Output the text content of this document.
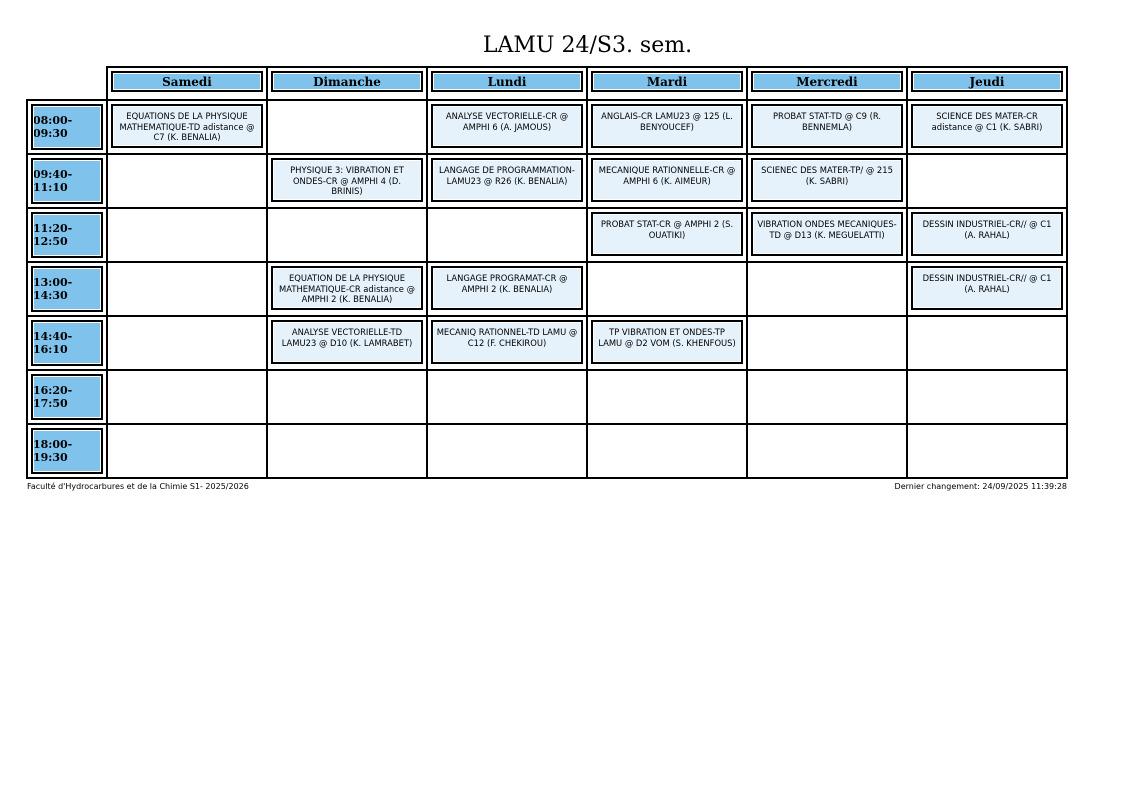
LAMU 24/S3. sem.

Samedi	Dimanche	Lundi	Mardi	Mercredi	Jeudi

08:00-09:30	EQUATIONS DE LA PHYSIQUE MATHEMATIQUE-TD adistance @ C7 (K. BENALIA)		ANALYSE VECTORIELLE-CR @ AMPHI 6 (A. JAMOUS)	ANGLAIS-CR LAMU23 @ 125 (L. BENYOUCEF)	PROBAT STAT-TD @ C9 (R. BENNEMLA)	SCIENCE DES MATER-CR adistance @ C1 (K. SABRI)

09:40-11:10		PHYSIQUE 3: VIBRATION ET ONDES-CR @ AMPHI 4 (D. BRINIS)	LANGAGE DE PROGRAMMATION-LAMU23 @ R26 (K. BENALIA)	MECANIQUE RATIONNELLE-CR @ AMPHI 6 (K. AIMEUR)	SCIENEC DES MATER-TP/ @ 215 (K. SABRI)	

11:20-12:50				PROBAT STAT-CR @ AMPHI 2 (S. OUATIKI)	VIBRATION ONDES MECANIQUES-TD @ D13 (K. MEGUELATTI)	DESSIN INDUSTRIEL-CR// @ C1 (A. RAHAL)

13:00-14:30		EQUATION DE LA PHYSIQUE MATHEMATIQUE-CR adistance @ AMPHI 2 (K. BENALIA)	LANGAGE PROGRAMAT-CR @ AMPHI 2 (K. BENALIA)			DESSIN INDUSTRIEL-CR// @ C1 (A. RAHAL)

14:40-16:10		ANALYSE VECTORIELLE-TD LAMU23 @ D10 (K. LAMRABET)	MECANIQ RATIONNEL-TD LAMU @ C12 (F. CHEKIROU)	TP VIBRATION ET ONDES-TP LAMU @ D2 VOM (S. KHENFOUS)		

16:20-17:50						

18:00-19:30						

Faculté d'Hydrocarbures et de la Chimie S1- 2025/2026	Dernier changement: 24/09/2025 11:39:28
